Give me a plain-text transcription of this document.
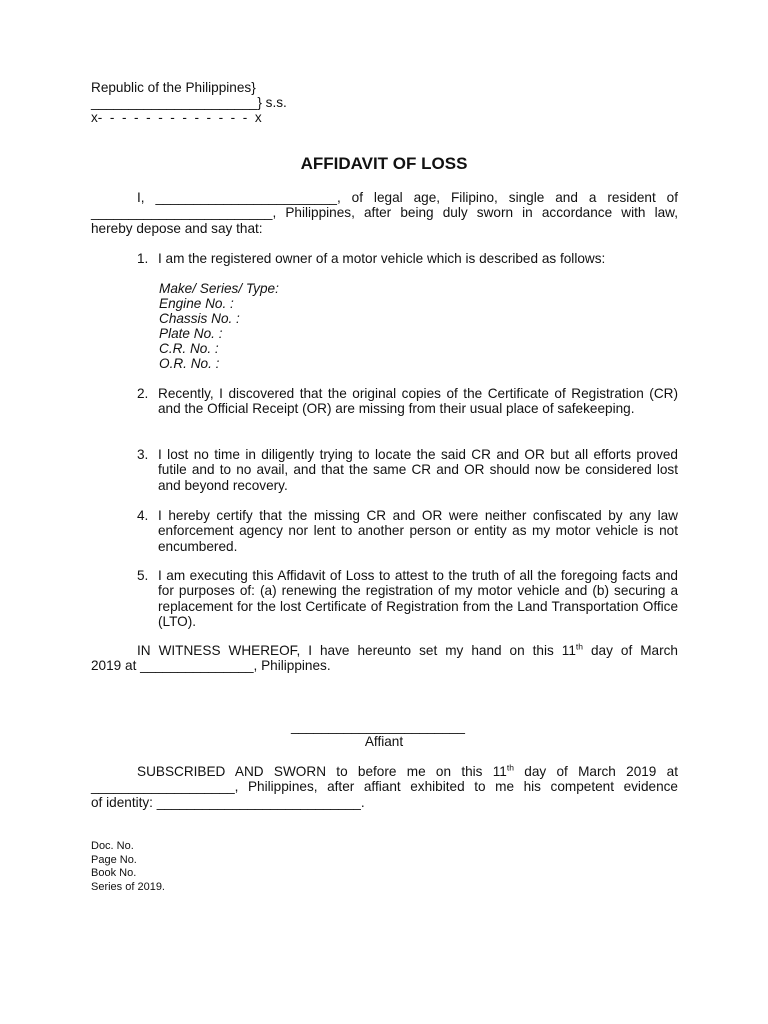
Republic of the Philippines}
______________________} s.s.
x-  -  -  -  -  -  -  -  -  -  -  -  -  x
AFFIDAVIT OF LOSS
I, ________________________, of legal age, Filipino, single and a resident of
________________________, Philippines, after being duly sworn in accordance with law,
hereby depose and say that:
1. I am the registered owner of a motor vehicle which is described as follows:
Make/ Series/ Type:
Engine No. :
Chassis No. :
Plate No. :
C.R. No. :
O.R. No. :
2. Recently, I discovered that the original copies of the Certificate of Registration (CR) and the Official Receipt (OR) are missing from their usual place of safekeeping.
3. I lost no time in diligently trying to locate the said CR and OR but all efforts proved futile and to no avail, and that the same CR and OR should now be considered lost and beyond recovery.
4. I hereby certify that the missing CR and OR were neither confiscated by any law enforcement agency nor lent to another person or entity as my motor vehicle is not encumbered.
5. I am executing this Affidavit of Loss to attest to the truth of all the foregoing facts and for purposes of: (a) renewing the registration of my motor vehicle and (b) securing a replacement for the lost Certificate of Registration from the Land Transportation Office (LTO).
IN WITNESS WHEREOF, I have hereunto set my hand on this 11th day of March
2019 at _______________, Philippines.
_______________________
Affiant
SUBSCRIBED AND SWORN to before me on this 11th day of March 2019 at
___________________, Philippines, after affiant exhibited to me his competent evidence
of identity: ___________________________.
Doc. No.
Page No.
Book No.
Series of 2019.
